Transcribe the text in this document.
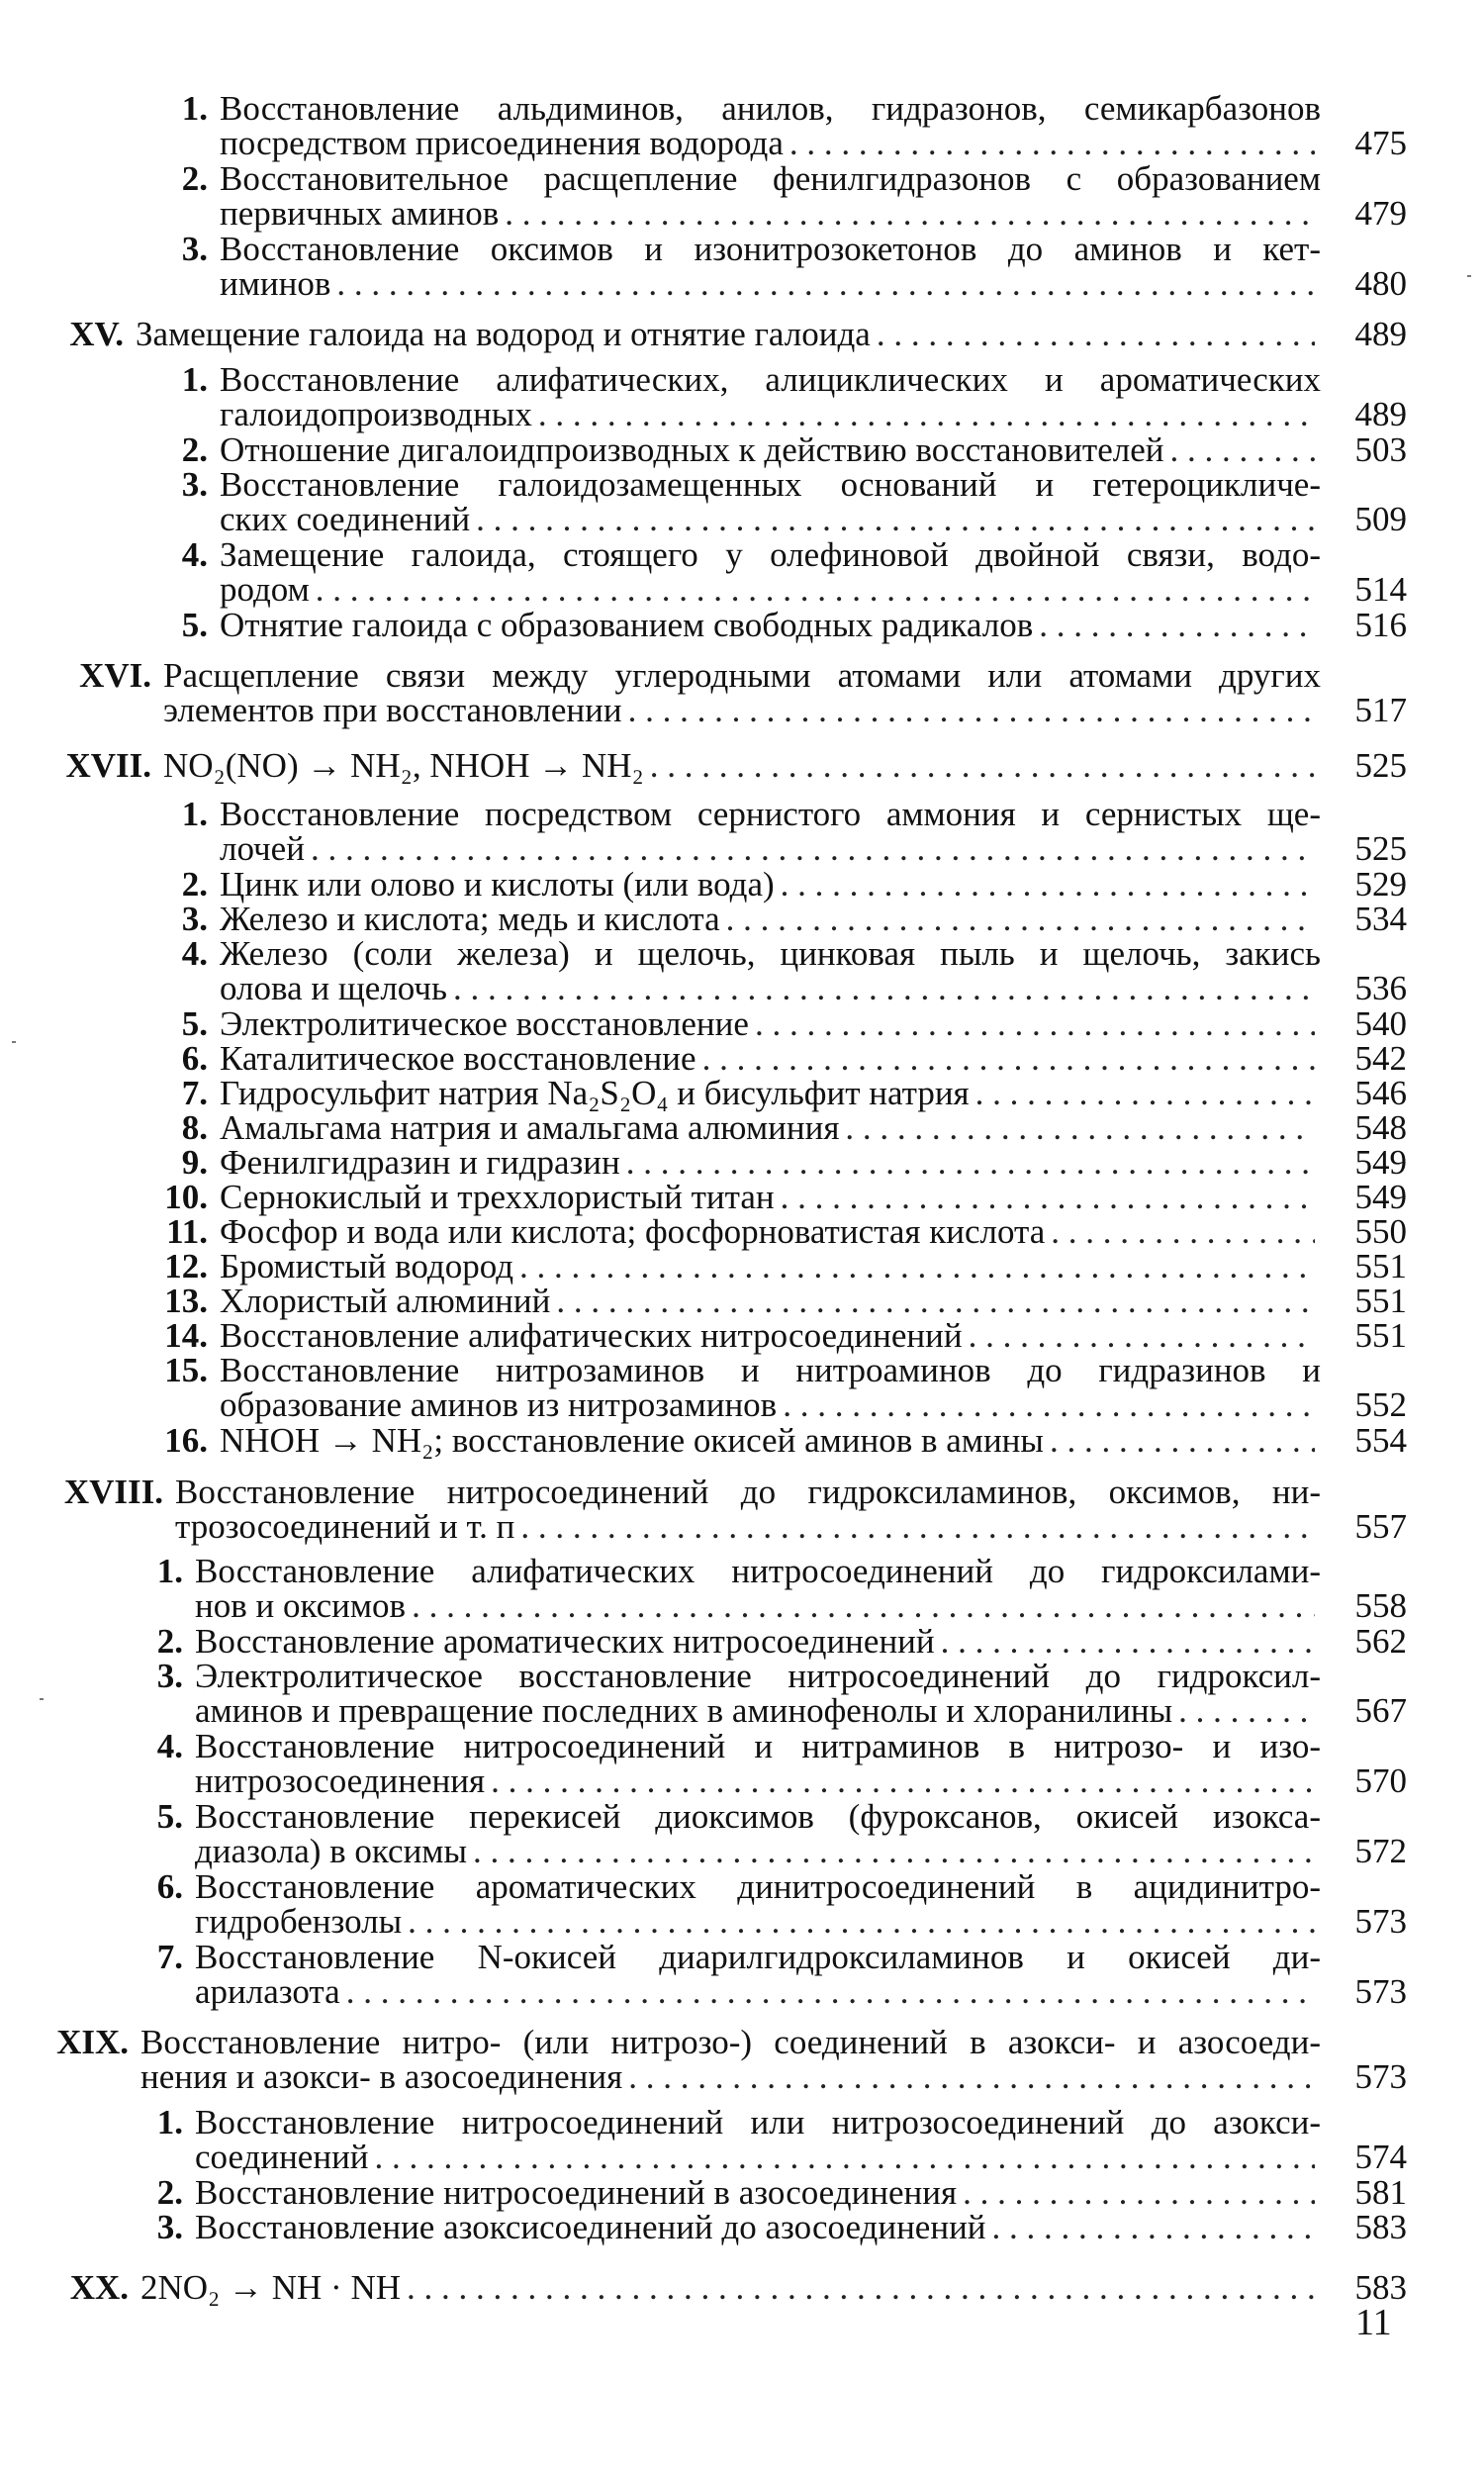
1. Восстановление альдиминов, анилов, гидразонов, семикарбазонов
посредством присоединения водорода . . .	475
2. Восстановительное расщепление фенилгидразонов с образованием
первичных аминов . . .	479
3. Восстановление оксимов и изонитрозокетонов до аминов и кет-
иминов . . .	480
XV. Замещение галоида на водород и отнятие галоида . . .	489
1. Восстановление алифатических, алициклических и ароматических
галоидопроизводных . . .	489
2. Отношение дигалоидпроизводных к действию восстановителей . . .	503
3. Восстановление галоидозамещенных оснований и гетероцикличе-
ских соединений . . .	509
4. Замещение галоида, стоящего у олефиновой двойной связи, водо-
родом . . .	514
5. Отнятие галоида с образованием свободных радикалов . . .	516
XVI. Расщепление связи между углеродными атомами или атомами других
элементов при восстановлении . . .	517
XVII. NO₂(NO) → NH₂, NHOH → NH₂ . . .	525
1. Восстановление посредством сернистого аммония и сернистых ще-
лочей . . .	525
2. Цинк или олово и кислоты (или вода) . . .	529
3. Железо и кислота; медь и кислота . . .	534
4. Железо (соли железа) и щелочь, цинковая пыль и щелочь, закись
олова и щелочь . . .	536
5. Электролитическое восстановление . . .	540
6. Каталитическое восстановление . . .	542
7. Гидросульфит натрия Na₂S₂O₄ и бисульфит натрия . . .	546
8. Амальгама натрия и амальгама алюминия . . .	548
9. Фенилгидразин и гидразин . . .	549
10. Сернокислый и треххлористый титан . . .	549
11. Фосфор и вода или кислота; фосфорноватистая кислота . . .	550
12. Бромистый водород . . .	551
13. Хлористый алюминий . . .	551
14. Восстановление алифатических нитросоединений . . .	551
15. Восстановление нитрозаминов и нитроаминов до гидразинов и
образование аминов из нитрозаминов . . .	552
16. NHOH → NH₂; восстановление окисей аминов в амины . . .	554
XVIII. Восстановление нитросоединений до гидроксиламинов, оксимов, ни-
трозосоединений и т. п . . .	557
1. Восстановление алифатических нитросоединений до гидроксилами-
нов и оксимов . . .	558
2. Восстановление ароматических нитросоединений . . .	562
3. Электролитическое восстановление нитросоединений до гидроксил-
аминов и превращение последних в аминофенолы и хлоранилины . . .	567
4. Восстановление нитросоединений и нитраминов в нитрозо- и изо-
нитрозосоединения . . .	570
5. Восстановление перекисей диоксимов (фуроксанов, окисей изокса-
диазола) в оксимы . . .	572
6. Восстановление ароматических динитросоединений в ацидинитро-
гидробензолы . . .	573
7. Восстановление N-окисей диарилгидроксиламинов и окисей ди-
арилазота . . .	573
XIX. Восстановление нитро- (или нитрозо-) соединений в азокси- и азосоеди-
нения и азокси- в азосоединения . . .	573
1. Восстановление нитросоединений или нитрозосоединений до азокси-
соединений . . .	574
2. Восстановление нитросоединений в азосоединения . . .	581
3. Восстановление азоксисоединений до азосоединений . . .	583
XX. 2NO₂ → NH · NH . . .	583
11
